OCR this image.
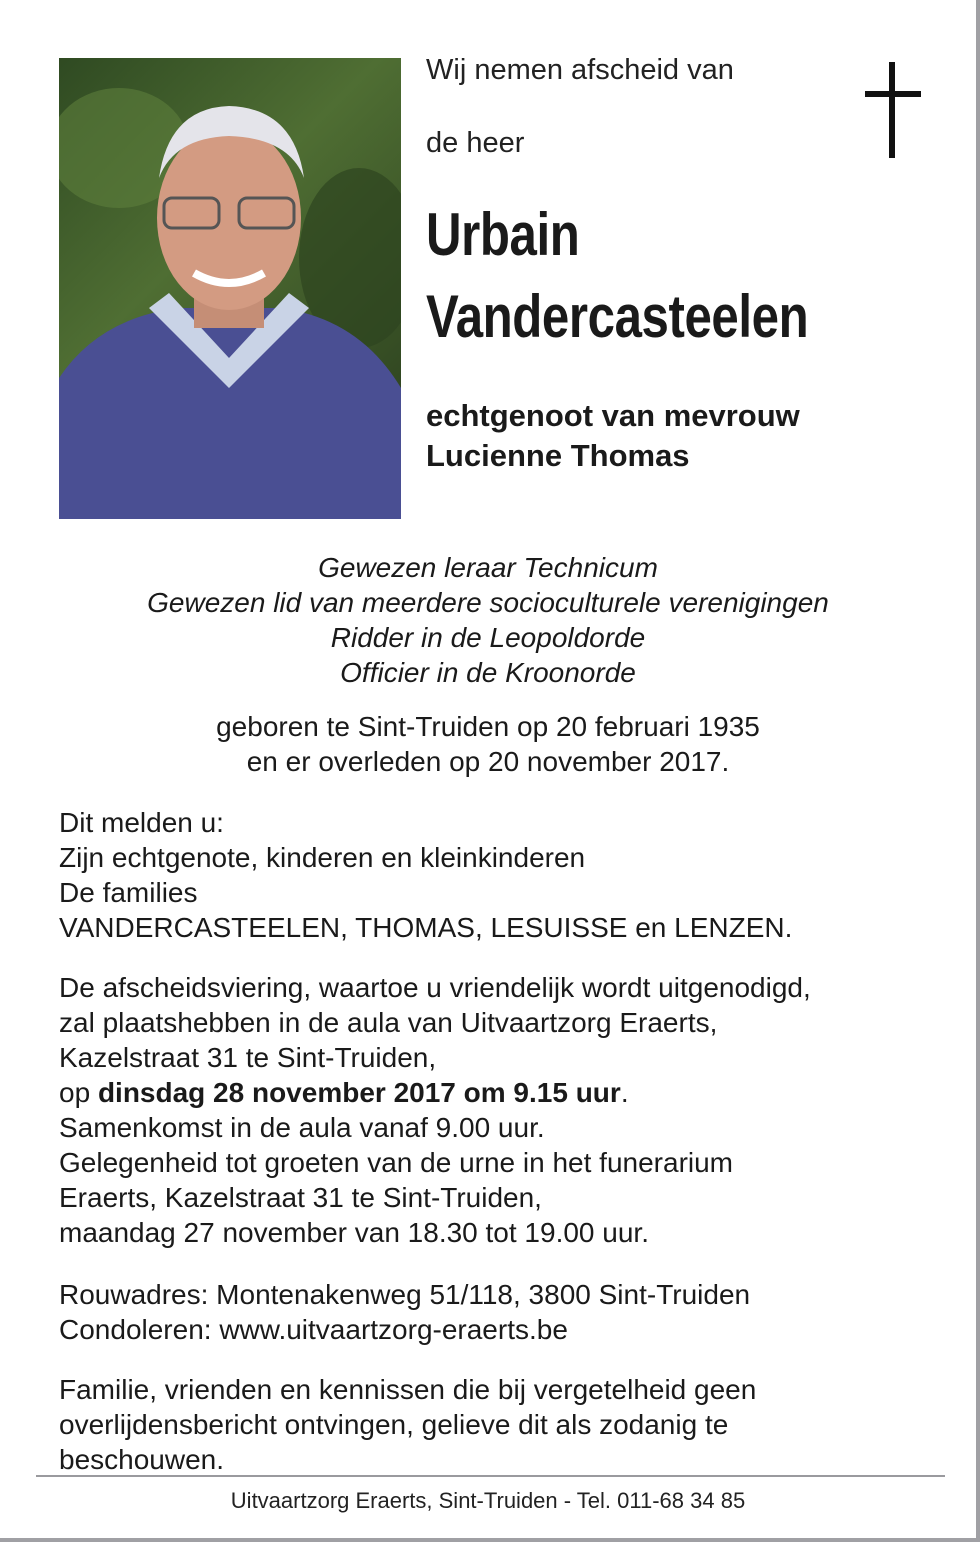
Wij nemen afscheid van
de heer
Urbain
Vandercasteelen
echtgenoot van mevrouw
Lucienne Thomas
Gewezen leraar Technicum
Gewezen lid van meerdere socioculturele verenigingen
Ridder in de Leopoldorde
Officier in de Kroonorde
geboren te Sint-Truiden op 20 februari 1935
en er overleden op 20 november 2017.
Dit melden u:
Zijn echtgenote, kinderen en kleinkinderen
De families
VANDERCASTEELEN, THOMAS, LESUISSE en LENZEN.
De afscheidsviering, waartoe u vriendelijk wordt uitgenodigd,
zal plaatshebben in de aula van Uitvaartzorg Eraerts,
Kazelstraat 31 te Sint-Truiden,
op dinsdag 28 november 2017 om 9.15 uur.
Samenkomst in de aula vanaf 9.00 uur.
Gelegenheid tot groeten van de urne in het funerarium
Eraerts, Kazelstraat 31 te Sint-Truiden,
maandag 27 november van 18.30 tot 19.00 uur.
Rouwadres: Montenakenweg 51/118, 3800 Sint-Truiden
Condoleren: www.uitvaartzorg-eraerts.be
Familie, vrienden en kennissen die bij vergetelheid geen
overlijdensbericht ontvingen, gelieve dit als zodanig te
beschouwen.
Uitvaartzorg Eraerts, Sint-Truiden - Tel. 011-68 34 85
